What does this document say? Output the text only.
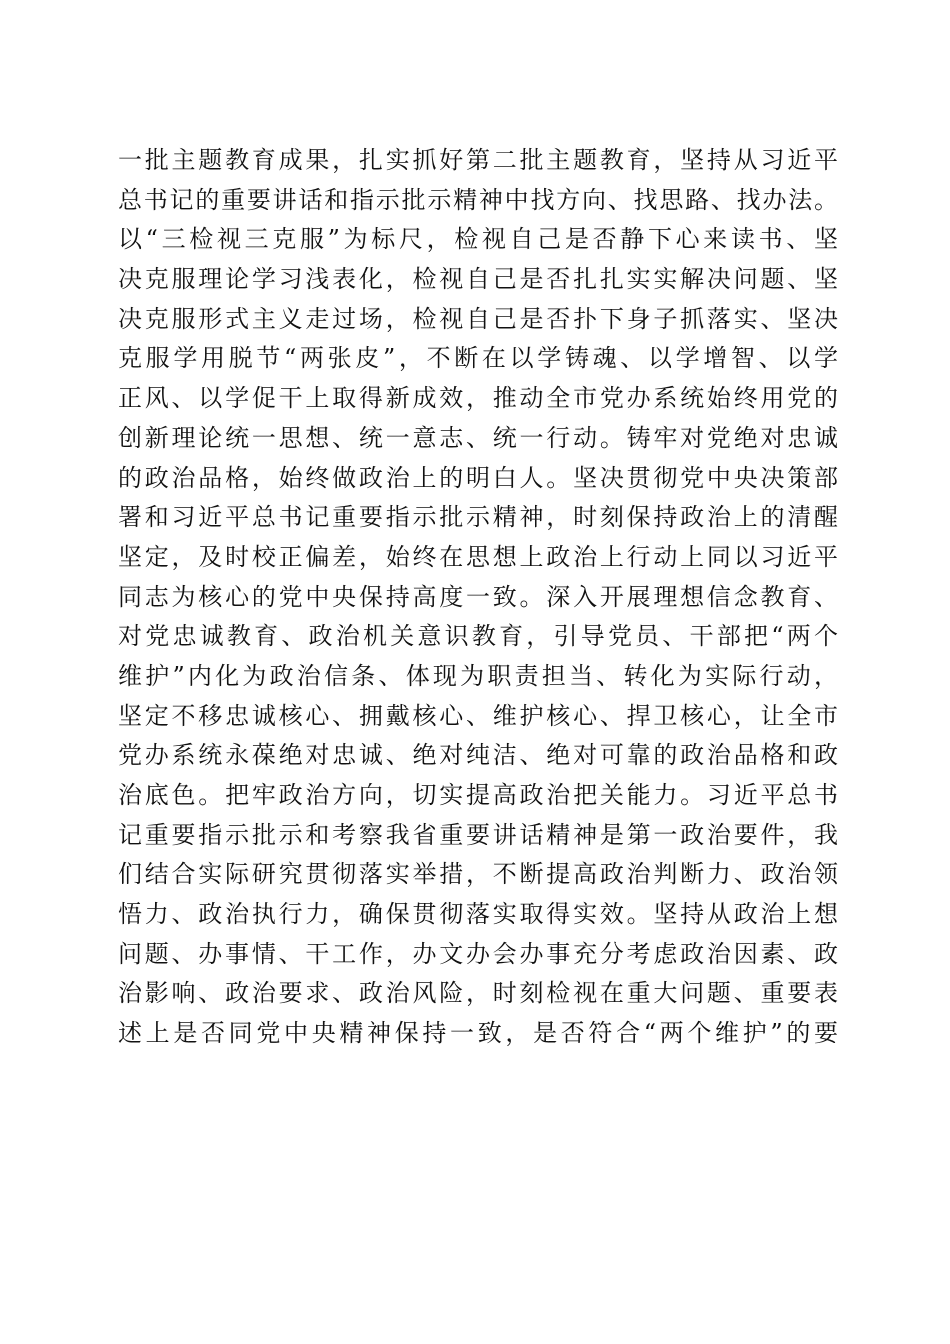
一批主题教育成果，扎实抓好第二批主题教育，坚持从习近平
总书记的重要讲话和指示批示精神中找方向、找思路、找办法。
以“三检视三克服”为标尺，检视自己是否静下心来读书、坚
决克服理论学习浅表化，检视自己是否扎扎实实解决问题、坚
决克服形式主义走过场，检视自己是否扑下身子抓落实、坚决
克服学用脱节“两张皮”，不断在以学铸魂、以学增智、以学
正风、以学促干上取得新成效，推动全市党办系统始终用党的
创新理论统一思想、统一意志、统一行动。铸牢对党绝对忠诚
的政治品格，始终做政治上的明白人。坚决贯彻党中央决策部
署和习近平总书记重要指示批示精神，时刻保持政治上的清醒
坚定，及时校正偏差，始终在思想上政治上行动上同以习近平
同志为核心的党中央保持高度一致。深入开展理想信念教育、
对党忠诚教育、政治机关意识教育，引导党员、干部把“两个
维护”内化为政治信条、体现为职责担当、转化为实际行动，
坚定不移忠诚核心、拥戴核心、维护核心、捍卫核心，让全市
党办系统永葆绝对忠诚、绝对纯洁、绝对可靠的政治品格和政
治底色。把牢政治方向，切实提高政治把关能力。习近平总书
记重要指示批示和考察我省重要讲话精神是第一政治要件，我
们结合实际研究贯彻落实举措，不断提高政治判断力、政治领
悟力、政治执行力，确保贯彻落实取得实效。坚持从政治上想
问题、办事情、干工作，办文办会办事充分考虑政治因素、政
治影响、政治要求、政治风险，时刻检视在重大问题、重要表
述上是否同党中央精神保持一致，是否符合“两个维护”的要
